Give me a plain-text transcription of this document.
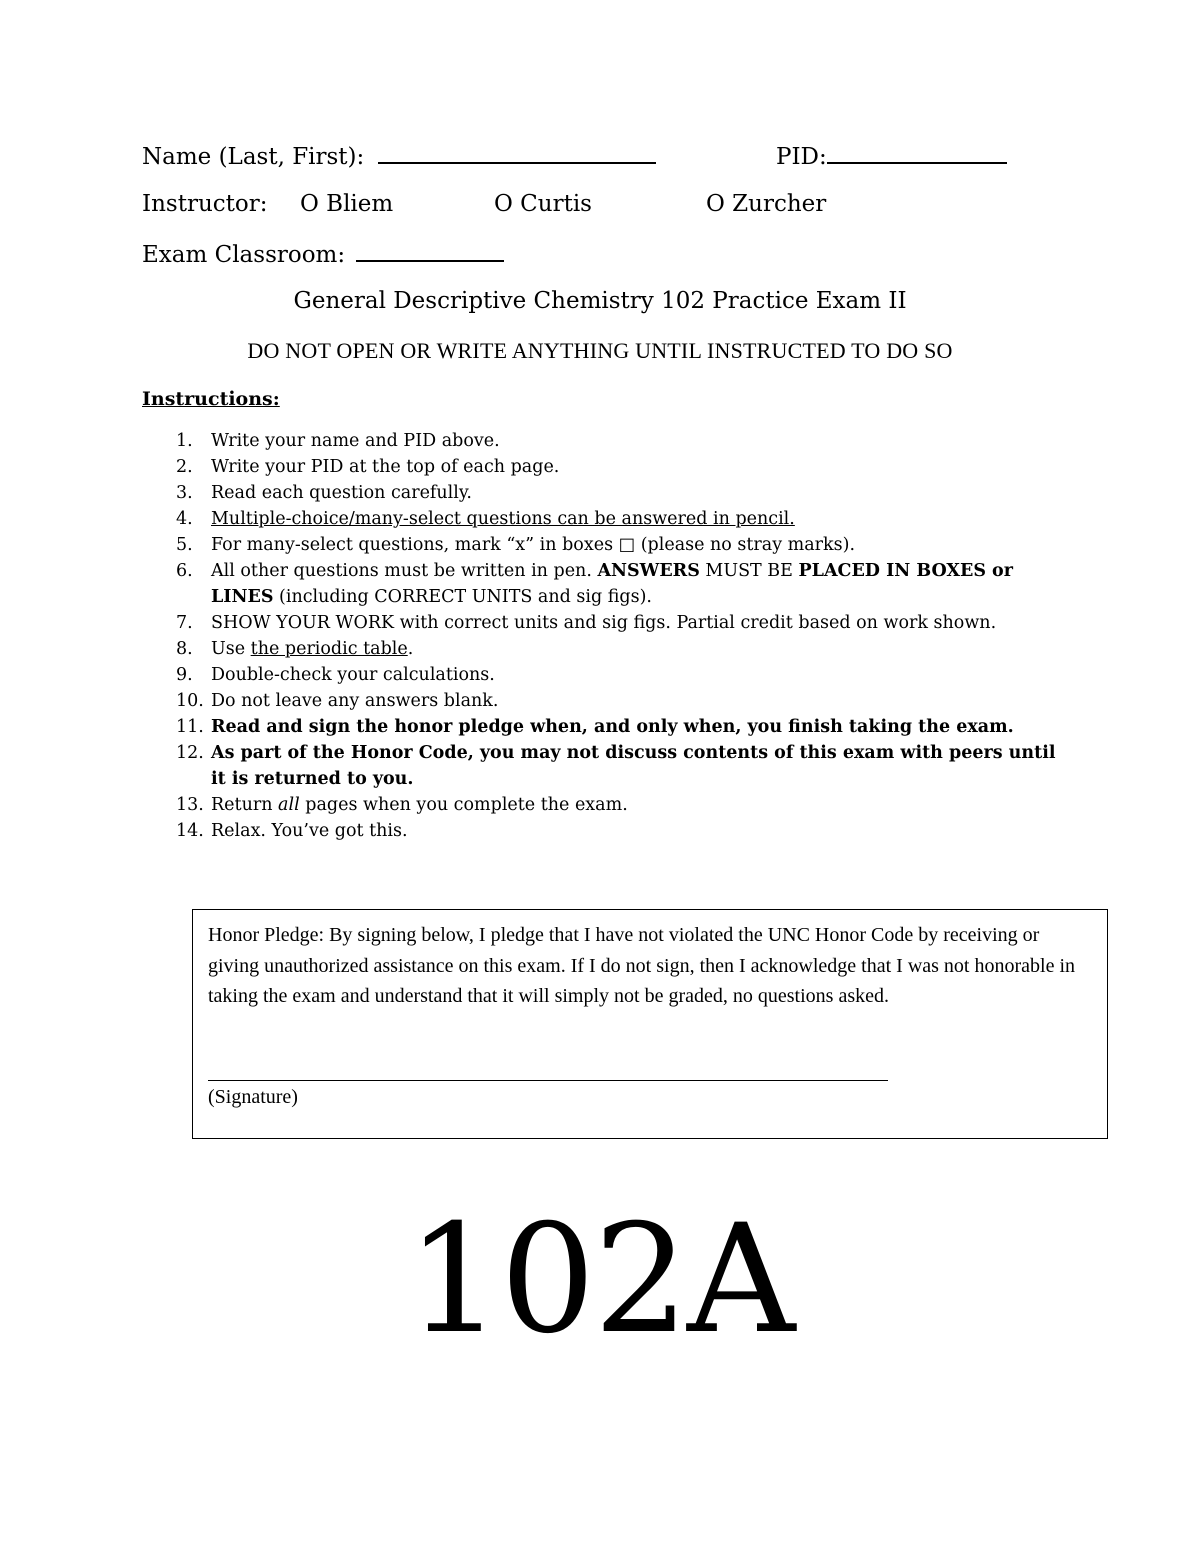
Name (Last, First):	PID:
Instructor: O Bliem	O Curtis	O Zurcher
Exam Classroom:
General Descriptive Chemistry 102 Practice Exam II
DO NOT OPEN OR WRITE ANYTHING UNTIL INSTRUCTED TO DO SO
Instructions:
1. Write your name and PID above.
2. Write your PID at the top of each page.
3. Read each question carefully.
4. Multiple-choice/many-select questions can be answered in pencil.
5. For many-select questions, mark “x” in boxes □ (please no stray marks).
6. All other questions must be written in pen. ANSWERS MUST BE PLACED IN BOXES or LINES (including CORRECT UNITS and sig figs).
7. SHOW YOUR WORK with correct units and sig figs. Partial credit based on work shown.
8. Use the periodic table.
9. Double-check your calculations.
10. Do not leave any answers blank.
11. Read and sign the honor pledge when, and only when, you finish taking the exam.
12. As part of the Honor Code, you may not discuss contents of this exam with peers until it is returned to you.
13. Return all pages when you complete the exam.
14. Relax. You’ve got this.
Honor Pledge: By signing below, I pledge that I have not violated the UNC Honor Code by receiving or giving unauthorized assistance on this exam. If I do not sign, then I acknowledge that I was not honorable in taking the exam and understand that it will simply not be graded, no questions asked.
(Signature)
102A
